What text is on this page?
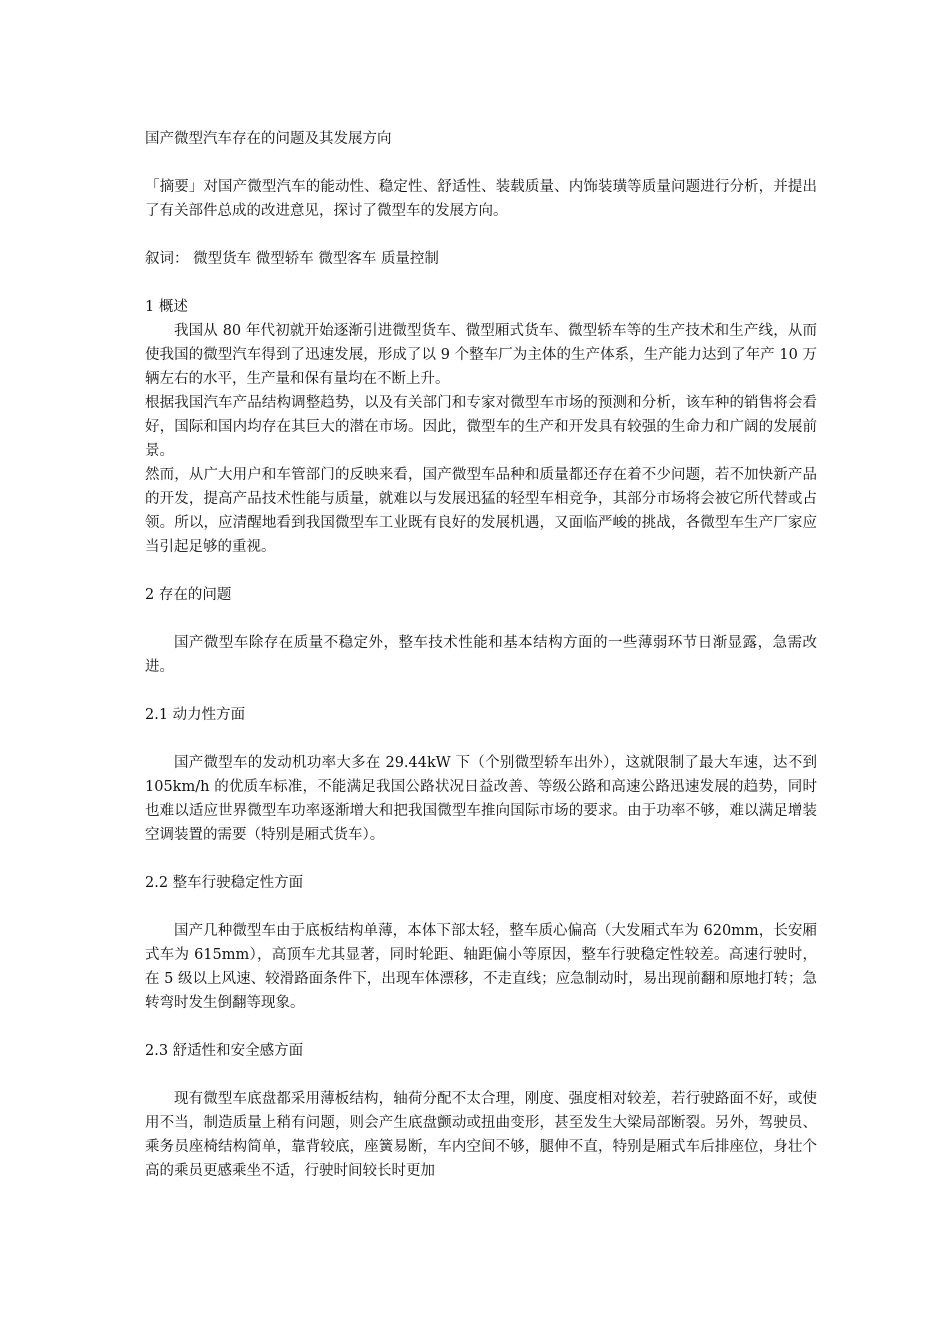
国产微型汽车存在的问题及其发展方向

「摘要」对国产微型汽车的能动性、稳定性、舒适性、装载质量、内饰装璜等质量问题进行分析，并提出了有关部件总成的改进意见，探讨了微型车的发展方向。

叙词： 微型货车 微型轿车 微型客车 质量控制

1 概述

我国从 80 年代初就开始逐渐引进微型货车、微型厢式货车、微型轿车等的生产技术和生产线，从而使我国的微型汽车得到了迅速发展，形成了以 9 个整车厂为主体的生产体系，生产能力达到了年产 10 万辆左右的水平，生产量和保有量均在不断上升。

根据我国汽车产品结构调整趋势，以及有关部门和专家对微型车市场的预测和分析，该车种的销售将会看好，国际和国内均存在其巨大的潜在市场。因此，微型车的生产和开发具有较强的生命力和广阔的发展前景。

然而，从广大用户和车管部门的反映来看，国产微型车品种和质量都还存在着不少问题，若不加快新产品的开发，提高产品技术性能与质量，就难以与发展迅猛的轻型车相竞争，其部分市场将会被它所代替或占领。所以，应清醒地看到我国微型车工业既有良好的发展机遇，又面临严峻的挑战，各微型车生产厂家应当引起足够的重视。

2 存在的问题

国产微型车除存在质量不稳定外，整车技术性能和基本结构方面的一些薄弱环节日渐显露，急需改进。

2.1 动力性方面

国产微型车的发动机功率大多在 29.44kW 下（个别微型轿车出外），这就限制了最大车速，达不到 105km/h 的优质车标准，不能满足我国公路状况日益改善、等级公路和高速公路迅速发展的趋势，同时也难以适应世界微型车功率逐渐增大和把我国微型车推向国际市场的要求。由于功率不够，难以满足增装空调装置的需要（特别是厢式货车）。

2.2 整车行驶稳定性方面

国产几种微型车由于底板结构单薄，本体下部太轻，整车质心偏高（大发厢式车为 620mm，长安厢式车为 615mm），高顶车尤其显著，同时轮距、轴距偏小等原因，整车行驶稳定性较差。高速行驶时，在 5 级以上风速、较滑路面条件下，出现车体漂移，不走直线；应急制动时，易出现前翻和原地打转；急转弯时发生倒翻等现象。

2.3 舒适性和安全感方面

现有微型车底盘都采用薄板结构，轴荷分配不太合理，刚度、强度相对较差，若行驶路面不好，或使用不当，制造质量上稍有问题，则会产生底盘颤动或扭曲变形，甚至发生大梁局部断裂。另外，驾驶员、乘务员座椅结构简单，靠背较底，座簧易断，车内空间不够，腿伸不直，特别是厢式车后排座位，身壮个高的乘员更感乘坐不适，行驶时间较长时更加
